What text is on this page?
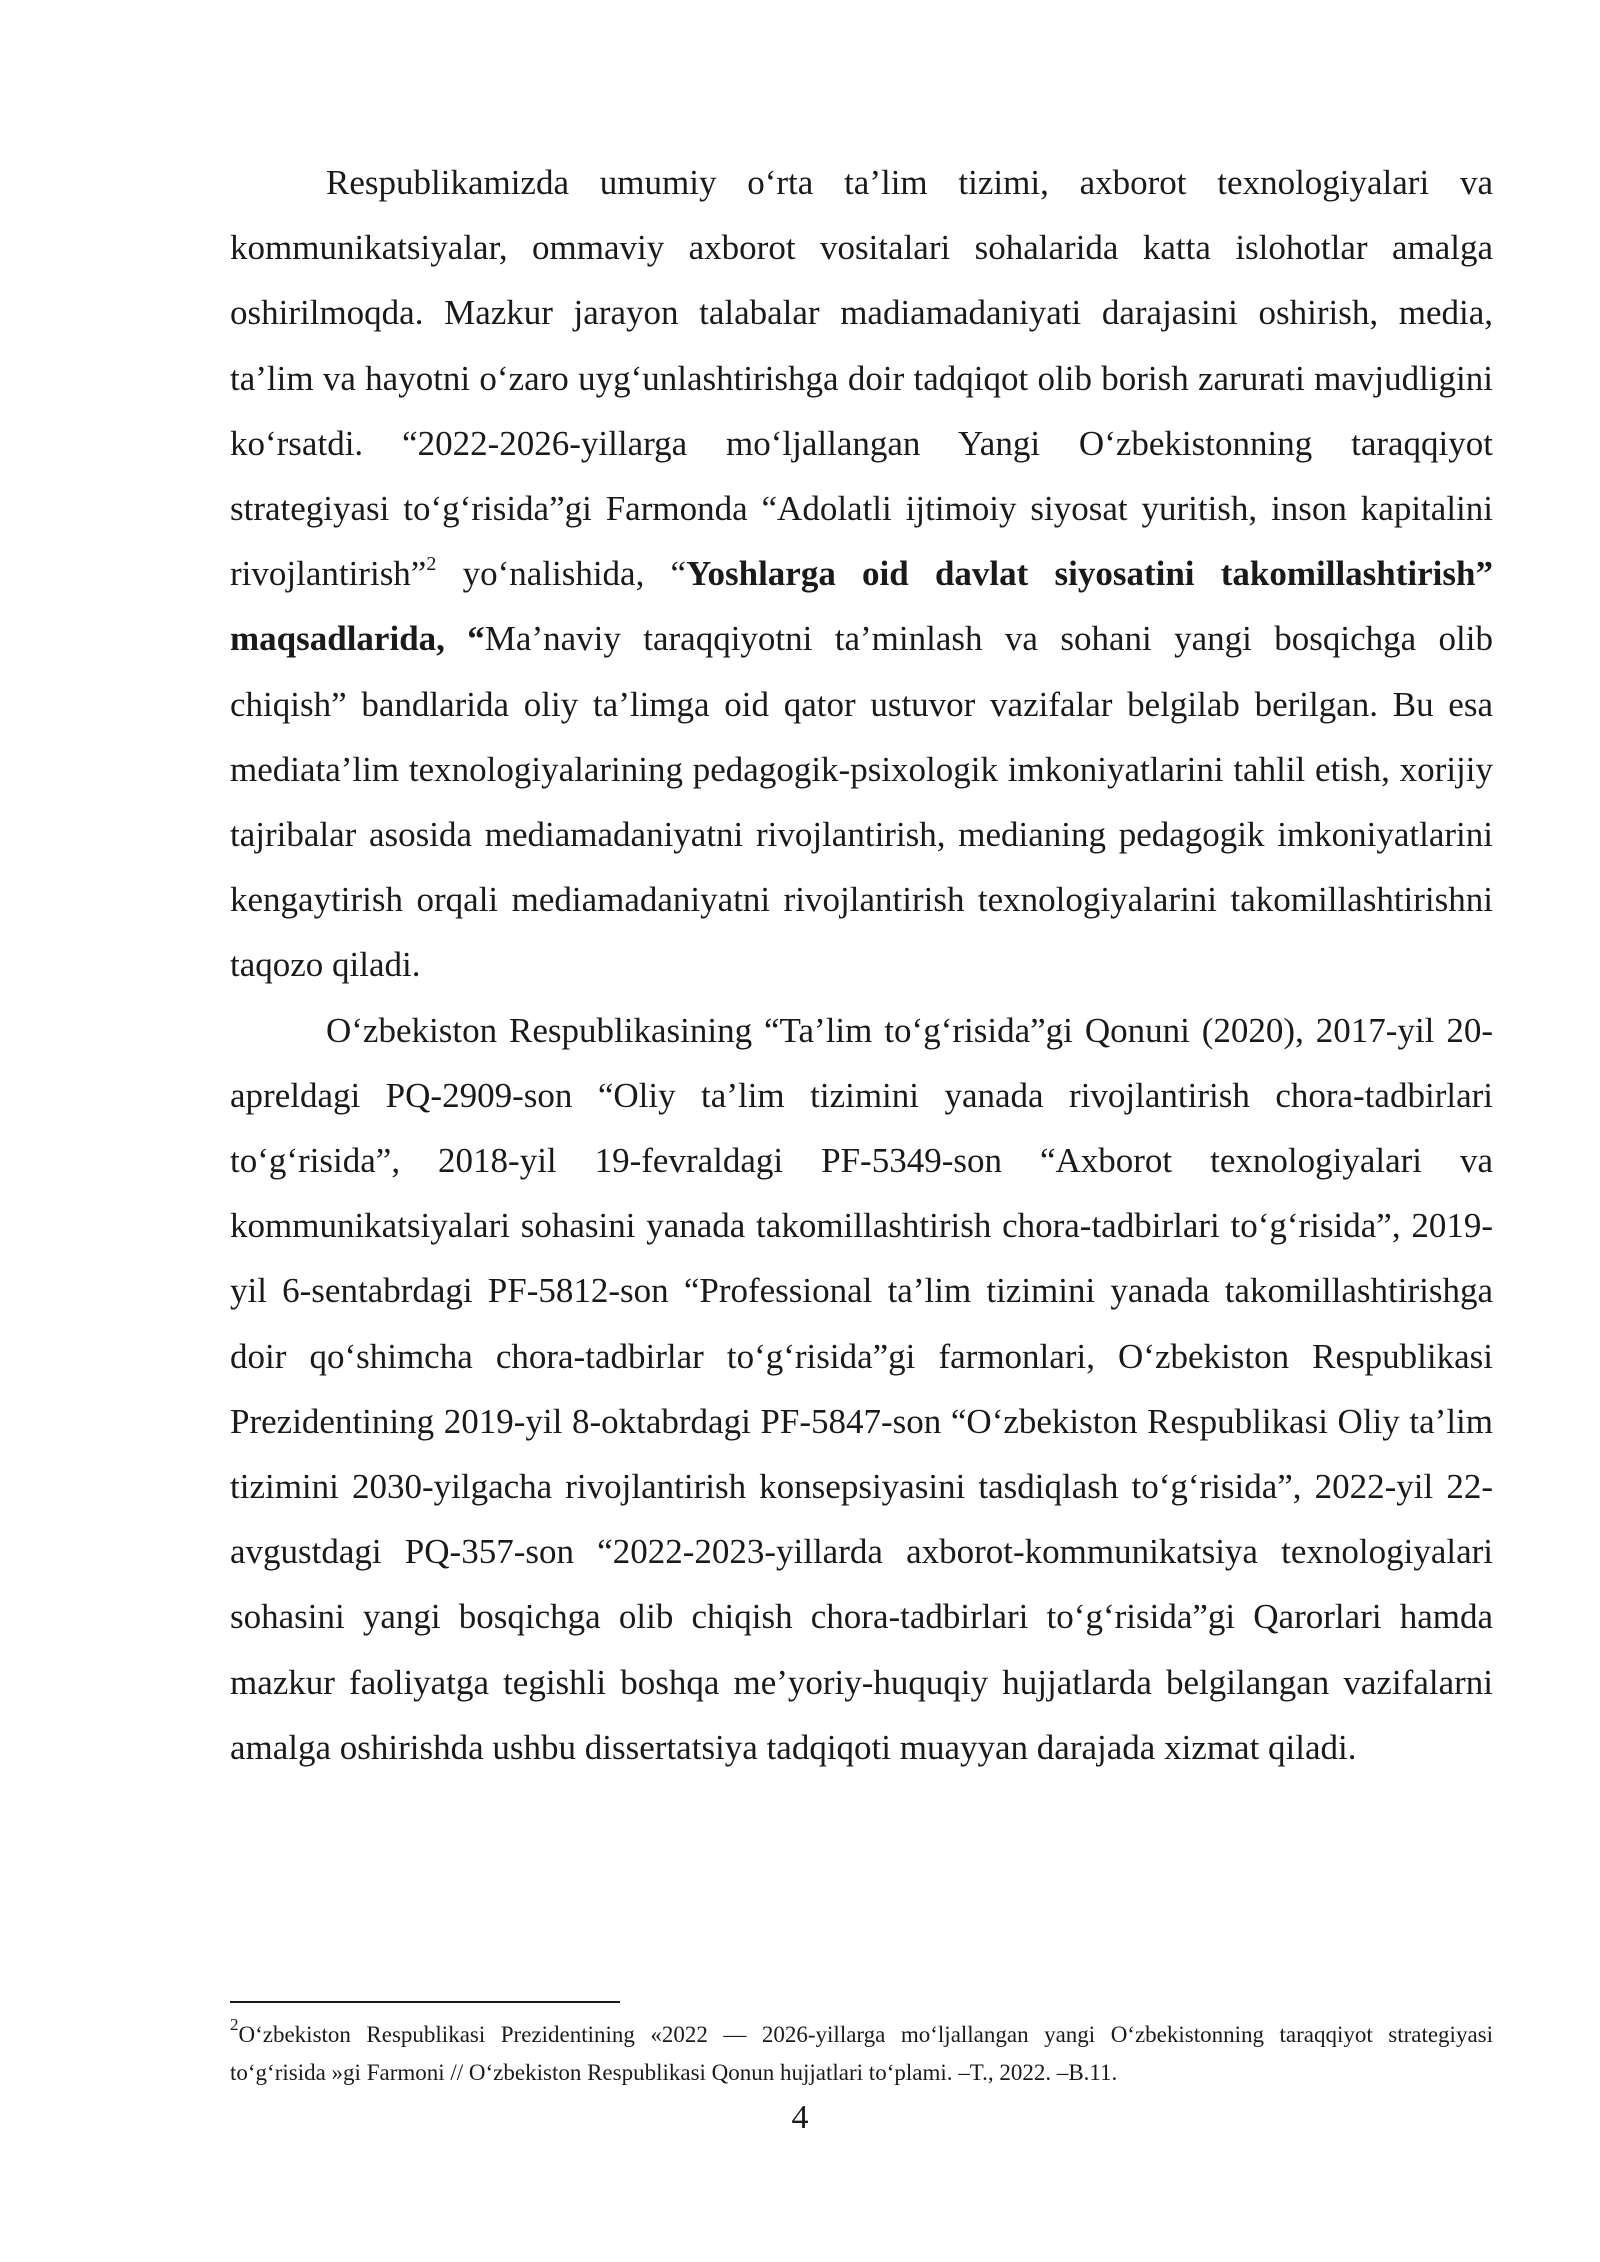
Respublikamizda umumiy o‘rta ta’lim tizimi, axborot texnologiyalari va kommunikatsiyalar, ommaviy axborot vositalari sohalarida katta islohotlar amalga oshirilmoqda. Mazkur jarayon talabalar madiamadaniyati darajasini oshirish, media, ta’lim va hayotni o‘zaro uyg‘unlashtirishga doir tadqiqot olib borish zarurati mavjudligini ko‘rsatdi. “2022-2026-yillarga mo‘ljallangan Yangi O‘zbekistonning taraqqiyot strategiyasi to‘g‘risida”gi Farmonda “Adolatli ijtimoiy siyosat yuritish, inson kapitalini rivojlantirish”$^2$ yo‘nalishida, “Yoshlarga oid davlat siyosatini takomillashtirish” maqsadlarida, “Ma’naviy taraqqiyotni ta’minlash va sohani yangi bosqichga olib chiqish” bandlarida oliy ta’limga oid qator ustuvor vazifalar belgilab berilgan. Bu esa mediata’lim texnologiyalarining pedagogik-psixologik imkoniyatlarini tahlil etish, xorijiy tajribalar asosida mediamadaniyatni rivojlantirish, medianing pedagogik imkoniyatlarini kengaytirish orqali mediamadaniyatni rivojlantirish texnologiyalarini takomillashtirishni taqozo qiladi.

O‘zbekiston Respublikasining “Ta’lim to‘g‘risida”gi Qonuni (2020), 2017-yil 20-apreldagi PQ-2909-son “Oliy ta’lim tizimini yanada rivojlantirish chora-tadbirlari to‘g‘risida”, 2018-yil 19-fevraldagi PF-5349-son “Axborot texnologiyalari va kommunikatsiyalari sohasini yanada takomillashtirish chora-tadbirlari to‘g‘risida”, 2019-yil 6-sentabrdagi PF-5812-son “Professional ta’lim tizimini yanada takomillashtirishga doir qo‘shimcha chora-tadbirlar to‘g‘risida”gi farmonlari, O‘zbekiston Respublikasi Prezidentining 2019-yil 8-oktabrdagi PF-5847-son “O‘zbekiston Respublikasi Oliy ta’lim tizimini 2030-yilgacha rivojlantirish konsepsiyasini tasdiqlash to‘g‘risida”, 2022-yil 22-avgustdagi PQ-357-son “2022-2023-yillarda axborot-kommunikatsiya texnologiyalari sohasini yangi bosqichga olib chiqish chora-tadbirlari to‘g‘risida”gi Qarorlari hamda mazkur faoliyatga tegishli boshqa me’yoriy-huquqiy hujjatlarda belgilangan vazifalarni amalga oshirishda ushbu dissertatsiya tadqiqoti muayyan darajada xizmat qiladi.

$^2$O‘zbekiston Respublikasi Prezidentining «2022 — 2026-yillarga mo‘ljallangan yangi O‘zbekistonning taraqqiyot strategiyasi to‘g‘risida »gi Farmoni // O‘zbekiston Respublikasi Qonun hujjatlari to‘plami. –T., 2022. –B.11.
4
